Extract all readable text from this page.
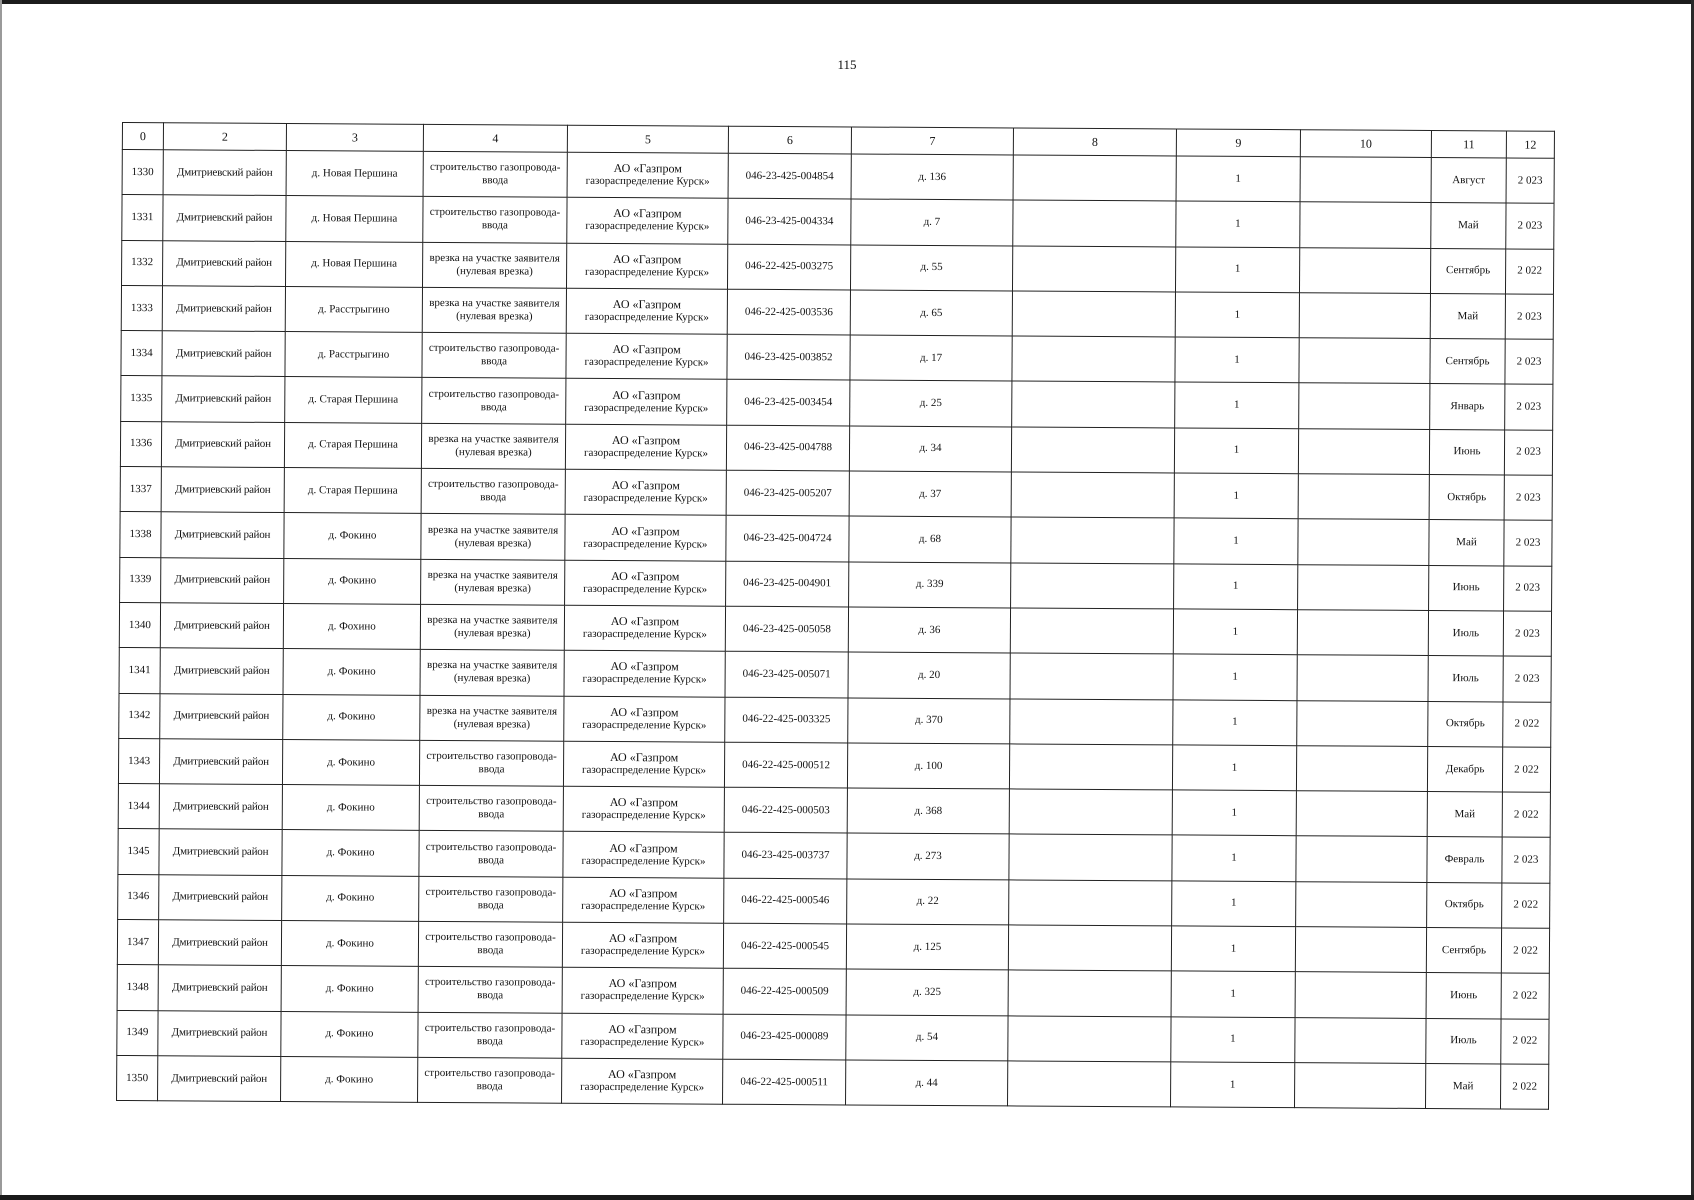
115
0	2	3	4	5	6	7	8	9	10	11	12
1330	Дмитриевский район	д. Новая Першина	строительство газопровода-ввода	АО «Газпром
газораспределение Курск»	046-23-425-004854	д. 136		1		Август	2 023
1331	Дмитриевский район	д. Новая Першина	строительство газопровода-ввода	АО «Газпром
газораспределение Курск»	046-23-425-004334	д. 7		1		Май	2 023
1332	Дмитриевский район	д. Новая Першина	врезка на участке заявителя (нулевая врезка)	АО «Газпром
газораспределение Курск»	046-22-425-003275	д. 55		1		Сентябрь	2 022
1333	Дмитриевский район	д. Расстрыгино	врезка на участке заявителя (нулевая врезка)	АО «Газпром
газораспределение Курск»	046-22-425-003536	д. 65		1		Май	2 023
1334	Дмитриевский район	д. Расстрыгино	строительство газопровода-ввода	АО «Газпром
газораспределение Курск»	046-23-425-003852	д. 17		1		Сентябрь	2 023
1335	Дмитриевский район	д. Старая Першина	строительство газопровода-ввода	АО «Газпром
газораспределение Курск»	046-23-425-003454	д. 25		1		Январь	2 023
1336	Дмитриевский район	д. Старая Першина	врезка на участке заявителя (нулевая врезка)	АО «Газпром
газораспределение Курск»	046-23-425-004788	д. 34		1		Июнь	2 023
1337	Дмитриевский район	д. Старая Першина	строительство газопровода-ввода	АО «Газпром
газораспределение Курск»	046-23-425-005207	д. 37		1		Октябрь	2 023
1338	Дмитриевский район	д. Фокино	врезка на участке заявителя (нулевая врезка)	АО «Газпром
газораспределение Курск»	046-23-425-004724	д. 68		1		Май	2 023
1339	Дмитриевский район	д. Фокино	врезка на участке заявителя (нулевая врезка)	АО «Газпром
газораспределение Курск»	046-23-425-004901	д. 339		1		Июнь	2 023
1340	Дмитриевский район	д. Фохино	врезка на участке заявителя (нулевая врезка)	АО «Газпром
газораспределение Курск»	046-23-425-005058	д. 36		1		Июль	2 023
1341	Дмитриевский район	д. Фокино	врезка на участке заявителя (нулевая врезка)	АО «Газпром
газораспределение Курск»	046-23-425-005071	д. 20		1		Июль	2 023
1342	Дмитриевский район	д. Фокино	врезка на участке заявителя (нулевая врезка)	АО «Газпром
газораспределение Курск»	046-22-425-003325	д. 370		1		Октябрь	2 022
1343	Дмитриевский район	д. Фокино	строительство газопровода-ввода	АО «Газпром
газораспределение Курск»	046-22-425-000512	д. 100		1		Декабрь	2 022
1344	Дмитриевский район	д. Фокино	строительство газопровода-ввода	АО «Газпром
газораспределение Курск»	046-22-425-000503	д. 368		1		Май	2 022
1345	Дмитриевский район	д. Фокино	строительство газопровода-ввода	АО «Газпром
газораспределение Курск»	046-23-425-003737	д. 273		1		Февраль	2 023
1346	Дмитриевский район	д. Фокино	строительство газопровода-ввода	АО «Газпром
газораспределение Курск»	046-22-425-000546	д. 22		1		Октябрь	2 022
1347	Дмитриевский район	д. Фокино	строительство газопровода-ввода	АО «Газпром
газораспределение Курск»	046-22-425-000545	д. 125		1		Сентябрь	2 022
1348	Дмитриевский район	д. Фокино	строительство газопровода-ввода	АО «Газпром
газораспределение Курск»	046-22-425-000509	д. 325		1		Июнь	2 022
1349	Дмитриевский район	д. Фокино	строительство газопровода-ввода	АО «Газпром
газораспределение Курск»	046-23-425-000089	д. 54		1		Июль	2 022
1350	Дмитриевский район	д. Фокино	строительство газопровода-ввода	АО «Газпром
газораспределение Курск»	046-22-425-000511	д. 44		1		Май	2 022
